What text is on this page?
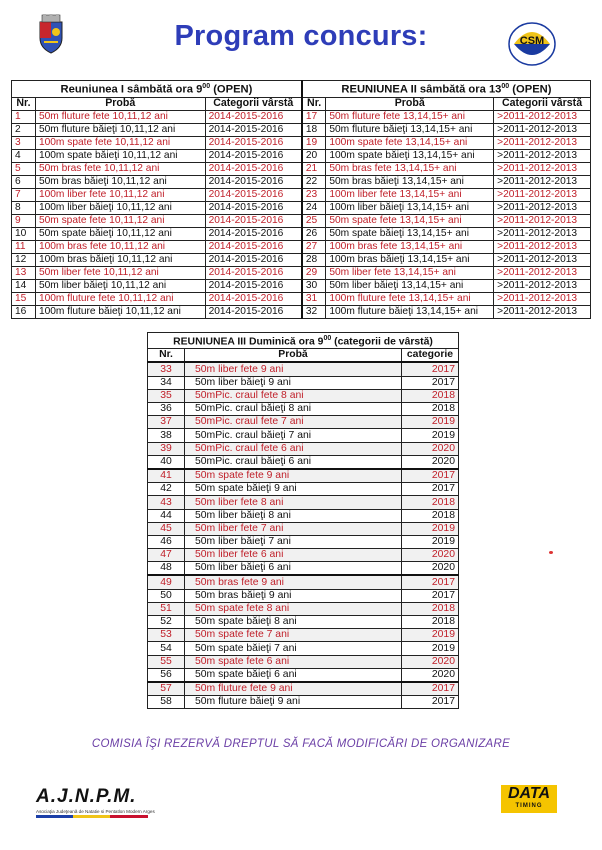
Program concurs:	CSM
Reuniunea I sâmbătă ora $9^{00}$ (OPEN)			REUNIUNEA II sâmbătă ora $13^{00}$ (OPEN)		
Nr.	Probă	Categorii vârstă	Nr.	Probă	Categorii vârstă
1	50m fluture fete 10,11,12 ani	2014-2015-2016	17	50m fluture fete 13,14,15+ ani	>2011-2012-2013
2	50m fluture băieţi 10,11,12 ani	2014-2015-2016	18	50m fluture băieţi 13,14,15+ ani	>2011-2012-2013
3	100m spate fete 10,11,12 ani	2014-2015-2016	19	100m spate fete 13,14,15+ ani	>2011-2012-2013
4	100m spate băieţi 10,11,12 ani	2014-2015-2016	20	100m spate băieţi 13,14,15+ ani	>2011-2012-2013
5	50m bras fete 10,11,12 ani	2014-2015-2016	21	50m bras fete 13,14,15+ ani	>2011-2012-2013
6	50m bras băieţi 10,11,12 ani	2014-2015-2016	22	50m bras băieţi 13,14,15+ ani	>2011-2012-2013
7	100m liber fete 10,11,12 ani	2014-2015-2016	23	100m liber fete 13,14,15+ ani	>2011-2012-2013
8	100m liber băieţi 10,11,12 ani	2014-2015-2016	24	100m liber băieţi 13,14,15+ ani	>2011-2012-2013
9	50m spate fete 10,11,12 ani	2014-2015-2016	25	50m spate fete 13,14,15+ ani	>2011-2012-2013
10	50m spate băieţi 10,11,12 ani	2014-2015-2016	26	50m spate băieţi 13,14,15+ ani	>2011-2012-2013
11	100m bras fete 10,11,12 ani	2014-2015-2016	27	100m bras fete 13,14,15+ ani	>2011-2012-2013
12	100m bras băieţi 10,11,12 ani	2014-2015-2016	28	100m bras băieţi 13,14,15+ ani	>2011-2012-2013
13	50m liber fete 10,11,12 ani	2014-2015-2016	29	50m liber fete 13,14,15+ ani	>2011-2012-2013
14	50m liber băieţi 10,11,12 ani	2014-2015-2016	30	50m liber băieţi 13,14,15+ ani	>2011-2012-2013
15	100m fluture fete 10,11,12 ani	2014-2015-2016	31	100m fluture fete 13,14,15+ ani	>2011-2012-2013
16	100m fluture băieţi 10,11,12 ani	2014-2015-2016	32	100m fluture băieţi 13,14,15+ ani	>2011-2012-2013
REUNIUNEA III Duminică ora $9^{00}$ (categorii de vârstă)		
Nr.	Probă	categorie
33	50m liber fete 9 ani	2017
34	50m liber băieţi 9 ani	2017
35	50mPic. craul fete 8 ani	2018
36	50mPic. craul băieţi 8 ani	2018
37	50mPic. craul fete 7 ani	2019
38	50mPic. craul băieţi 7 ani	2019
39	50mPic. craul fete 6 ani	2020
40	50mPic. craul băieţi 6 ani	2020
41	50m spate fete 9 ani	2017
42	50m spate băieţi 9 ani	2017
43	50m liber fete 8 ani	2018
44	50m liber băieţi 8 ani	2018
45	50m liber fete 7 ani	2019
46	50m liber băieţi 7 ani	2019
47	50m liber fete 6 ani	2020
48	50m liber băieţi 6 ani	2020
49	50m bras fete 9 ani	2017
50	50m bras băieţi 9 ani	2017
51	50m spate fete 8 ani	2018
52	50m spate băieţi 8 ani	2018
53	50m spate fete 7 ani	2019
54	50m spate băieţi 7 ani	2019
55	50m spate fete 6 ani	2020
56	50m spate băieţi 6 ani	2020
57	50m fluture fete 9 ani	2017
58	50m fluture băieţi 9 ani	2017
COMISIA ÎŞI REZERVĂ DREPTUL SĂ FACĂ MODIFICĂRI DE ORGANIZARE
A.J.N.P.M.
Asociaţia Judeţeană de Natatie si Pentatlon Modern Arges
DATA
TIMING
